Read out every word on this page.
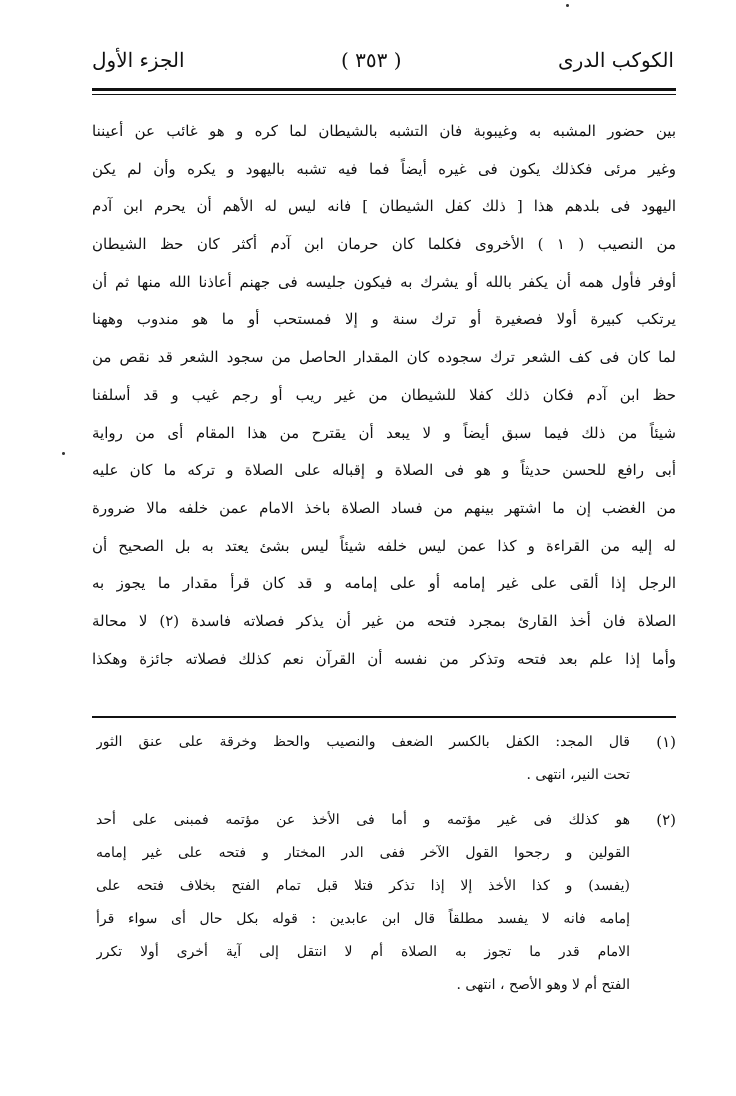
الكوكب الدرى
( ٣٥٣ )
الجزء الأول
بين حضور المشبه به وغيبوبة فان التشبه بالشيطان لما كره و هو غائب عن أعيننا
وغير مرئى فكذلك يكون فى غيره أيضاً فما فيه تشبه باليهود و يكره وأن لم يكن
اليهود فى بلدهم هذا [ ذلك كفل الشيطان ] فانه ليس له الأهم أن يحرم ابن آدم
من النصيب ( ١ ) الأخروى فكلما كان حرمان ابن آدم أكثر كان حظ الشيطان
أوفر فأول همه أن يكفر بالله أو يشرك به فيكون جليسه فى جهنم أعاذنا الله منها ثم أن
يرتكب كبيرة أولا فصغيرة أو ترك سنة و إلا فمستحب أو ما هو مندوب وههنا
لما كان فى كف الشعر ترك سجوده كان المقدار الحاصل من سجود الشعر قد نقص من
حظ ابن آدم فكان ذلك كفلا للشيطان من غير ريب أو رجم غيب و قد أسلفنا
شيئاً من ذلك فيما سبق أيضاً و لا يبعد أن يقترح من هذا المقام أى من رواية
أبى رافع للحسن حديثاً و هو فى الصلاة و إقباله على الصلاة و تركه ما كان عليه
من الغضب إن ما اشتهر بينهم من فساد الصلاة باخذ الامام عمن خلفه مالا ضرورة
له إليه من القراءة و كذا عمن ليس خلفه شيئاً ليس بشئ يعتد به بل الصحيح أن
الرجل إذا ألقى على غير إمامه أو على إمامه و قد كان قرأ مقدار ما يجوز به
الصلاة فان أخذ القارئ بمجرد فتحه من غير أن يذكر فصلاته فاسدة (٢) لا محالة
وأما إذا علم بعد فتحه وتذكر من نفسه أن القرآن نعم كذلك فصلاته جائزة وهكذا
(١)
قال المجد: الكفل بالكسر الضعف والنصيب والحظ وخرقة على عنق الثور
تحت النير، انتهى .
(٢)
هو كذلك فى غير مؤتمه و أما فى الأخذ عن مؤتمه فمبنى على أحد
القولين و رجحوا القول الآخر ففى الدر المختار و فتحه على غير إمامه
(يفسد) و كذا الأخذ إلا إذا تذكر فتلا قبل تمام الفتح بخلاف فتحه على
إمامه فانه لا يفسد مطلقاً قال ابن عابدين : قوله بكل حال أى سواء قرأ
الامام قدر ما تجوز به الصلاة أم لا انتقل إلى آية أخرى أولا تكرر
الفتح أم لا وهو الأصح ، انتهى .
